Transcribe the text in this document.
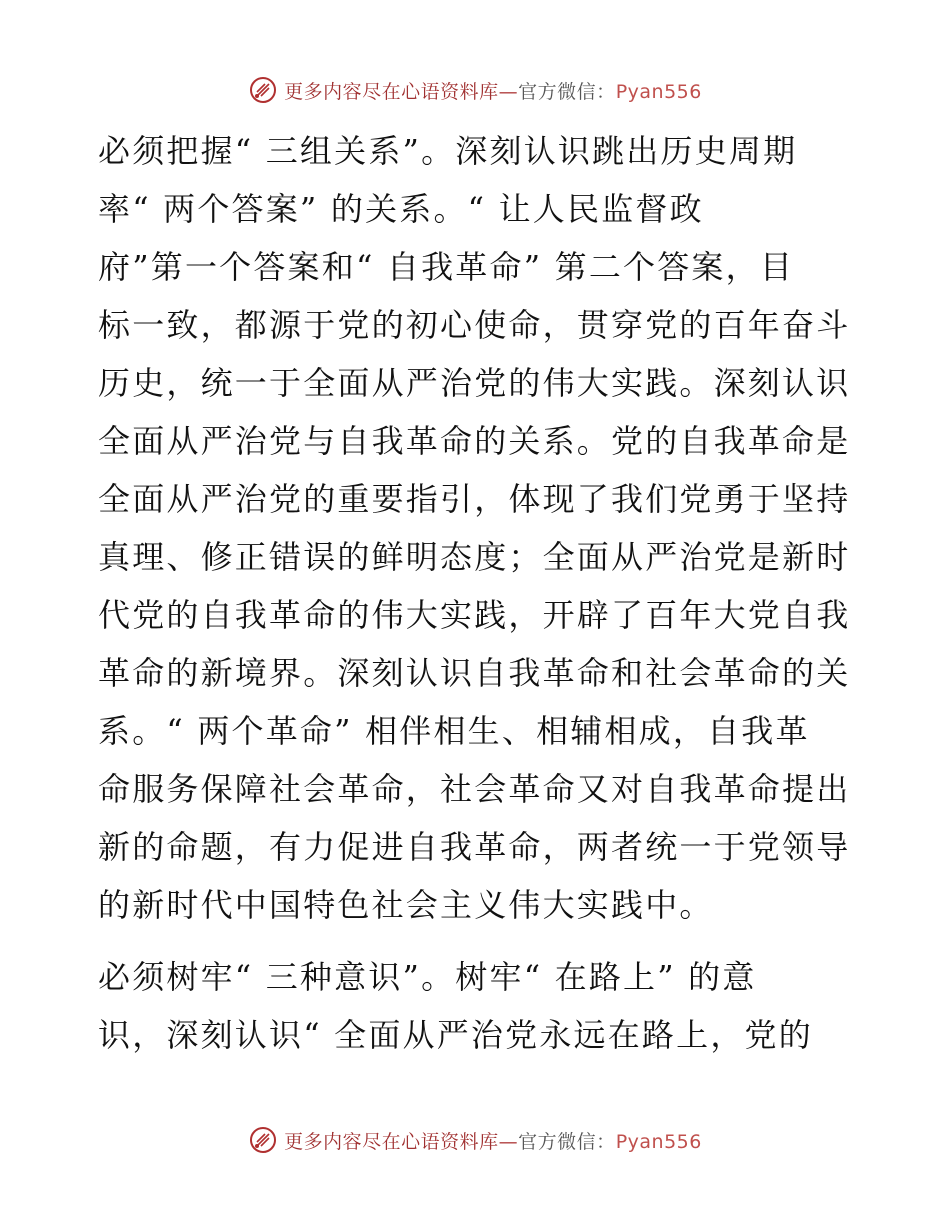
更多内容尽在心语资料库—官方微信：Pyan556
必须把握“ 三组关系”。深刻认识跳出历史周期
率“ 两个答案” 的关系。“ 让人民监督政
府”第一个答案和“ 自我革命” 第二个答案，目
标一致，都源于党的初心使命，贯穿党的百年奋斗
历史，统一于全面从严治党的伟大实践。深刻认识
全面从严治党与自我革命的关系。党的自我革命是
全面从严治党的重要指引，体现了我们党勇于坚持
真理、修正错误的鲜明态度；全面从严治党是新时
代党的自我革命的伟大实践，开辟了百年大党自我
革命的新境界。深刻认识自我革命和社会革命的关
系。“ 两个革命” 相伴相生、相辅相成，自我革
命服务保障社会革命，社会革命又对自我革命提出
新的命题，有力促进自我革命，两者统一于党领导
的新时代中国特色社会主义伟大实践中。
必须树牢“ 三种意识”。树牢“ 在路上” 的意
识，深刻认识“ 全面从严治党永远在路上，党的
更多内容尽在心语资料库—官方微信：Pyan556
